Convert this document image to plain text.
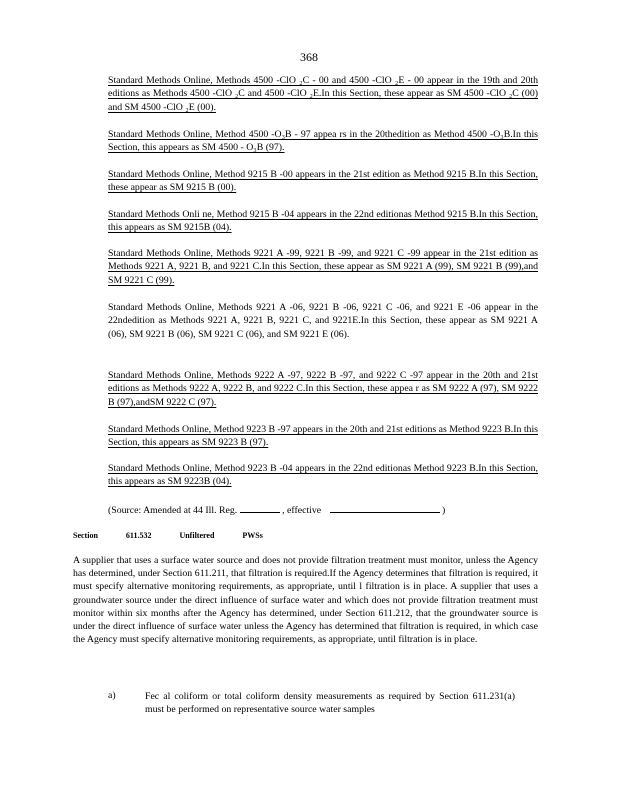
368
Standard Methods Online, Methods 4500 -ClO ₂C - 00 and 4500 -ClO ₂E - 00 appear in the 19th and 20th editions as Methods 4500 -ClO ₂C and 4500 -ClO ₂E.In this Section, these appear as SM 4500 -ClO ₂C (00) and SM 4500 -ClO ₂E (00).
Standard Methods Online, Method 4500 -O₃B - 97 appea rs in the 20thedition as Method 4500 -O₃B.In this Section, this appears as SM 4500 - O₃B (97).
Standard Methods Online, Method 9215 B -00 appears in the 21st edition as Method 9215 B.In this Section, these appear as SM 9215 B (00).
Standard Methods Onli ne, Method 9215 B -04 appears in the 22nd editionas Method 9215 B.In this Section, this appears as SM 9215B (04).
Standard Methods Online, Methods 9221 A -99, 9221 B -99, and 9221 C -99 appear in the 21st edition as Methods 9221 A, 9221 B, and 9221 C.In this Section, these appear as SM 9221 A (99), SM 9221 B (99),and SM 9221 C (99).
Standard Methods Online, Methods 9221 A -06, 9221 B -06, 9221 C -06, and 9221 E -06 appear in the 22ndedition as Methods 9221 A, 9221 B, 9221 C, and 9221E.In this Section, these appear as SM 9221 A (06), SM 9221 B (06), SM 9221 C (06), and SM 9221 E (06).
Standard Methods Online, Methods 9222 A -97, 9222 B -97, and 9222 C -97 appear in the 20th and 21st editions as Methods 9222 A, 9222 B, and 9222 C.In this Section, these appea r as SM 9222 A (97), SM 9222 B (97),andSM 9222 C (97).
Standard Methods Online, Method 9223 B -97 appears in the 20th and 21st editions as Method 9223 B.In this Section, this appears as SM 9223 B (97).
Standard Methods Online, Method 9223 B -04 appears in the 22nd editionas Method 9223 B.In this Section, this appears as SM 9223B (04).
(Source: Amended at 44 Ill. Reg.	, effective	)
Section	611.532	Unfiltered	PWSs
A supplier that uses a surface water source and does not provide filtration treatment must monitor, unless the Agency has determined, under Section 611.211, that filtration is required.If the Agency determines that filtration is required, it must specify alternative monitoring requirements, as appropriate, until l filtration is in place. A supplier that uses a groundwater source under the direct influence of surface water and which does not provide filtration treatment must monitor within six months after the Agency has determined, under Section 611.212, that the groundwater source is under the direct influence of surface water unless the Agency has determined that filtration is required, in which case the Agency must specify alternative monitoring requirements, as appropriate, until filtration is in place.
a)	Fec al coliform or total coliform density measurements as required by Section 611.231(a) must be performed on representative source water samples
